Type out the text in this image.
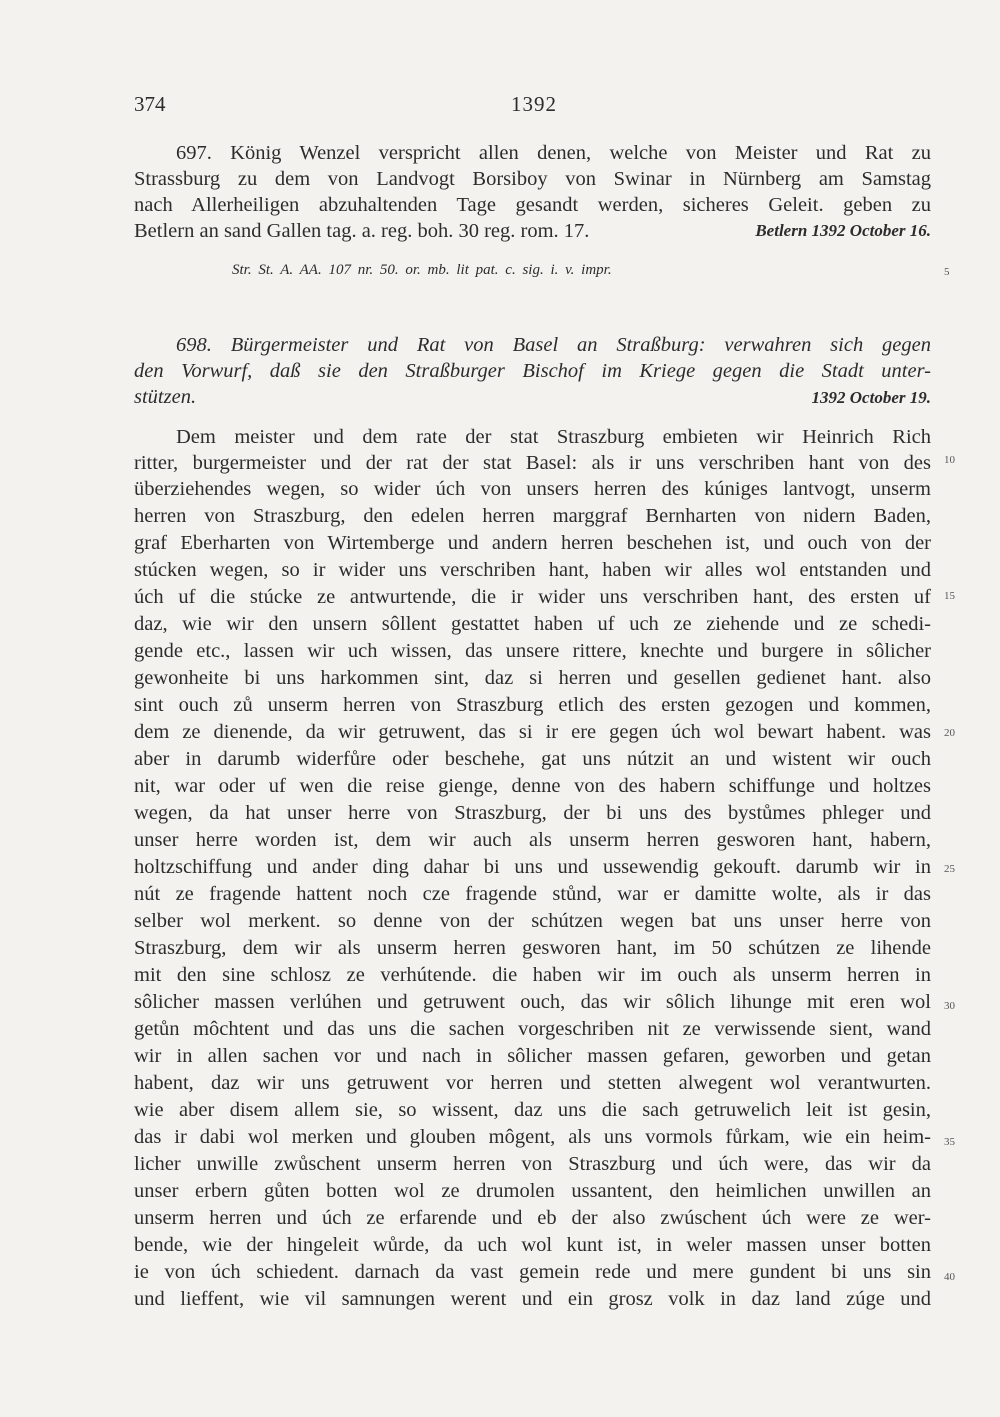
374	1392
697. König Wenzel verspricht allen denen, welche von Meister und Rat zu
Strassburg zu dem von Landvogt Borsiboy von Swinar in Nürnberg am Samstag
nach Allerheiligen abzuhaltenden Tage gesandt werden, sicheres Geleit. geben zu
Betlern an sand Gallen tag. a. reg. boh. 30 reg. rom. 17.	Betlern 1392 October 16.
Str. St. A. AA. 107 nr. 50. or. mb. lit pat. c. sig. i. v. impr.
698. Bürgermeister und Rat von Basel an Straßburg: verwahren sich gegen
den Vorwurf, daß sie den Straßburger Bischof im Kriege gegen die Stadt unter-
stützen.	1392 October 19.
Dem meister und dem rate der stat Straszburg embieten wir Heinrich Rich
ritter, burgermeister und der rat der stat Basel: als ir uns verschriben hant von des
überziehendes wegen, so wider úch von unsers herren des kúniges lantvogt, unserm
herren von Straszburg, den edelen herren marggraf Bernharten von nidern Baden,
graf Eberharten von Wirtemberge und andern herren beschehen ist, und ouch von der
stúcken wegen, so ir wider uns verschriben hant, haben wir alles wol entstanden und
úch uf die stúcke ze antwurtende, die ir wider uns verschriben hant, des ersten uf
daz, wie wir den unsern sôllent gestattet haben uf uch ze ziehende und ze schedi-
gende etc., lassen wir uch wissen, das unsere rittere, knechte und burgere in sôlicher
gewonheite bi uns harkommen sint, daz si herren und gesellen gedienet hant. also
sint ouch zů unserm herren von Straszburg etlich des ersten gezogen und kommen,
dem ze dienende, da wir getruwent, das si ir ere gegen úch wol bewart habent. was
aber in darumb widerfůre oder beschehe, gat uns nútzit an und wistent wir ouch
nit, war oder uf wen die reise gienge, denne von des habern schiffunge und holtzes
wegen, da hat unser herre von Straszburg, der bi uns des bystůmes phleger und
unser herre worden ist, dem wir auch als unserm herren gesworen hant, habern,
holtzschiffung und ander ding dahar bi uns und ussewendig gekouft. darumb wir in
nút ze fragende hattent noch cze fragende stůnd, war er damitte wolte, als ir das
selber wol merkent. so denne von der schútzen wegen bat uns unser herre von
Straszburg, dem wir als unserm herren gesworen hant, im 50 schútzen ze lihende
mit den sine schlosz ze verhútende. die haben wir im ouch als unserm herren in
sôlicher massen verlúhen und getruwent ouch, das wir sôlich lihunge mit eren wol
getůn môchtent und das uns die sachen vorgeschriben nit ze verwissende sient, wand
wir in allen sachen vor und nach in sôlicher massen gefaren, geworben und getan
habent, daz wir uns getruwent vor herren und stetten alwegent wol verantwurten.
wie aber disem allem sie, so wissent, daz uns die sach getruwelich leit ist gesin,
das ir dabi wol merken und glouben môgent, als uns vormols fůrkam, wie ein heim-
licher unwille zwůschent unserm herren von Straszburg und úch were, das wir da
unser erbern gůten botten wol ze drumolen ussantent, den heimlichen unwillen an
unserm herren und úch ze erfarende und eb der also zwúschent úch were ze wer-
bende, wie der hingeleit wůrde, da uch wol kunt ist, in weler massen unser botten
ie von úch schiedent. darnach da vast gemein rede und mere gundent bi uns sin
und lieffent, wie vil samnungen werent und ein grosz volk in daz land zúge und
5
10
15
20
25
30
35
40
